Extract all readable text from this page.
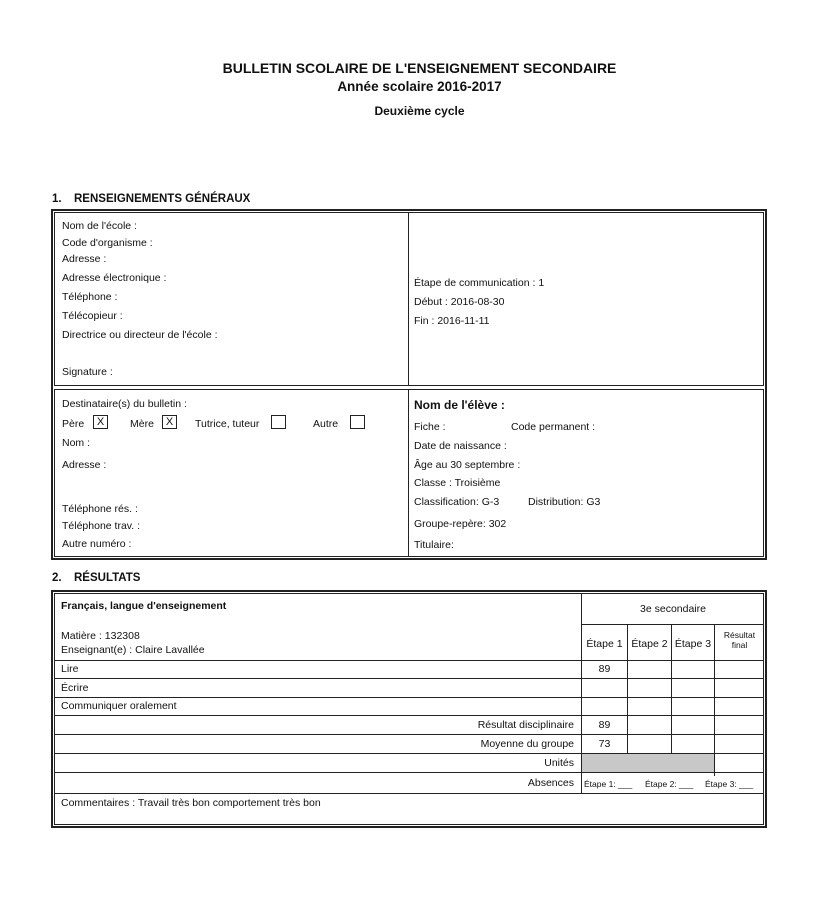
BULLETIN SCOLAIRE DE L'ENSEIGNEMENT SECONDAIRE
Année scolaire 2016-2017
Deuxième cycle
1. RENSEIGNEMENTS GÉNÉRAUX
Nom de l'école :
Code d'organisme :
Adresse :
Adresse électronique :
Téléphone :
Télécopieur :
Directrice ou directeur de l'école :
Signature :
Étape de communication : 1
Début : 2016-08-30
Fin : 2016-11-11
Destinataire(s) du bulletin :
Père	X	Mère	X	Tutrice, tuteur	Autre
Nom :
Adresse :
Téléphone rés. :
Téléphone trav. :
Autre numéro :
Nom de l'élève :
Fiche :	Code permanent :
Date de naissance :
Âge au 30 septembre :
Classe : Troisième
Classification: G-3	Distribution: G3
Groupe-repère: 302
Titulaire:
2. RÉSULTATS
Français, langue d'enseignement
Matière : 132308
Enseignant(e) : Claire Lavallée
3e secondaire
Étape 1 Étape 2 Étape 3
Résultat final
Lire	89
Écrire
Communiquer oralement
Résultat disciplinaire	89
Moyenne du groupe	73
Unités
Absences Étape 1: ___ Étape 2: ___ Étape 3: ___
Commentaires : Travail très bon comportement très bon
